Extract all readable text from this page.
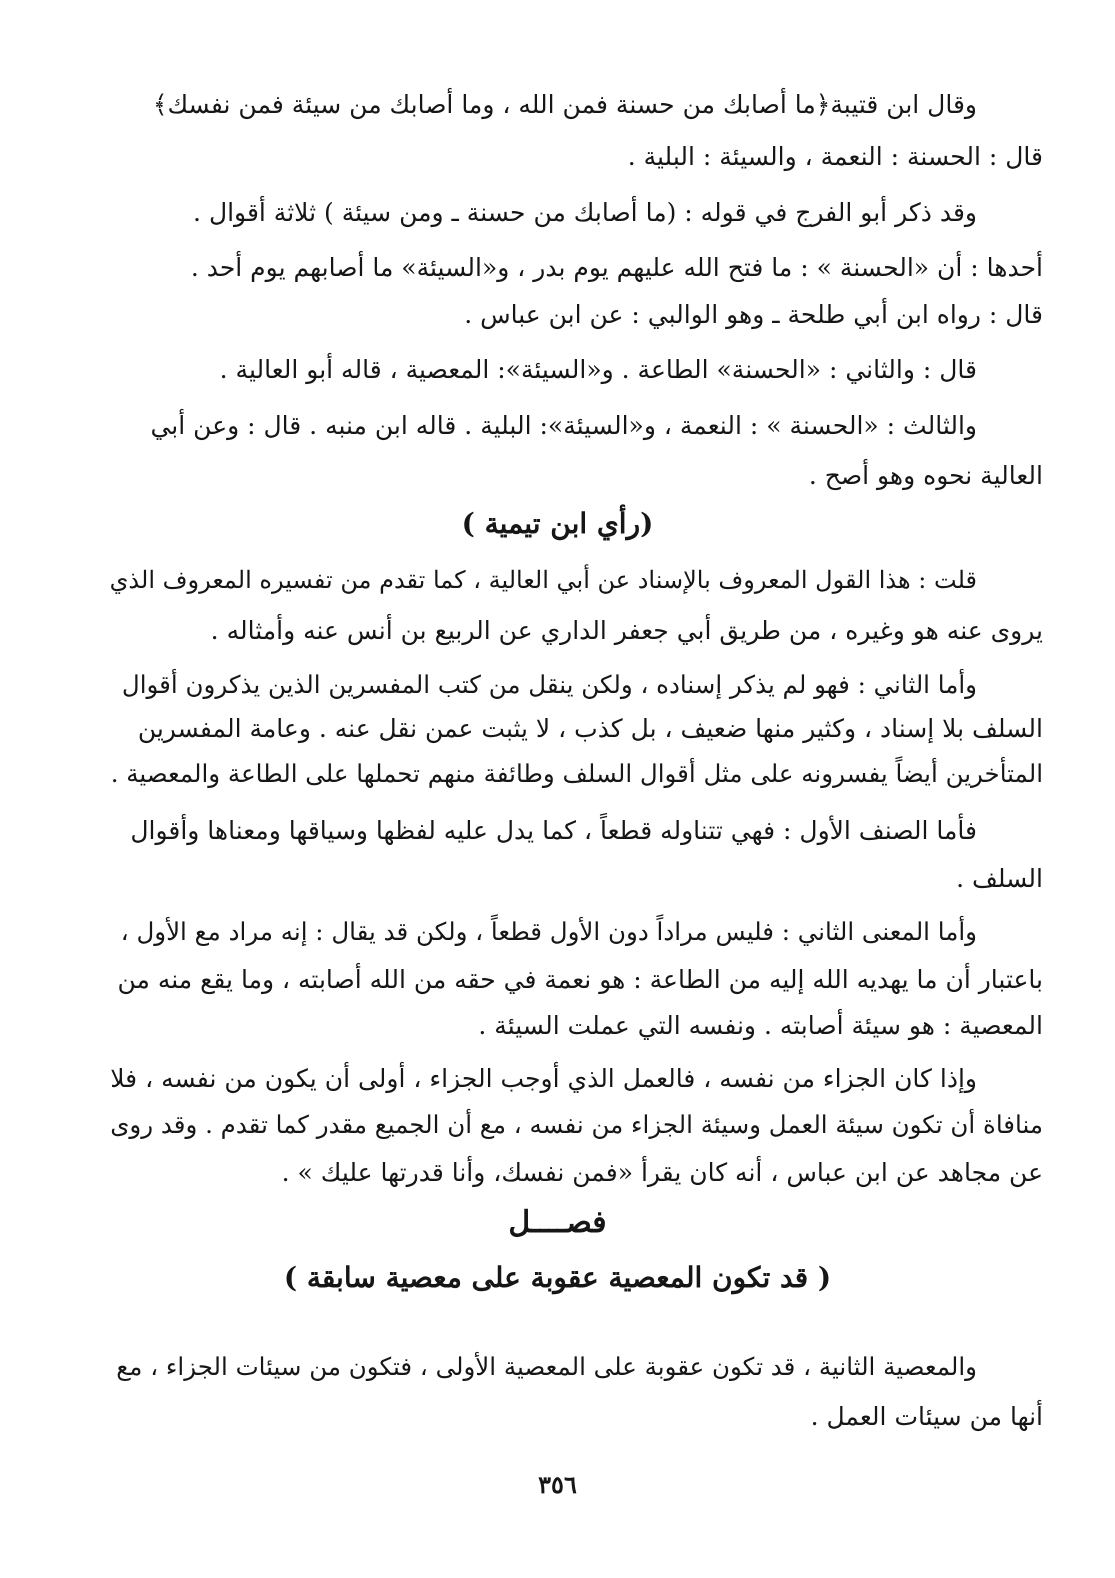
وقال ابن قتيبة﴿ما أصابك من حسنة فمن الله ، وما أصابك من سيئة فمن نفسك﴾
قال : الحسنة : النعمة ، والسيئة : البلية .
وقد ذكر أبو الفرج في قوله : (ما أصابك من حسنة ـ ومن سيئة ) ثلاثة أقوال .
أحدها : أن «الحسنة » : ما فتح الله عليهم يوم بدر ، و«السيئة» ما أصابهم يوم أحد .
قال : رواه ابن أبي طلحة ـ وهو الوالبي : عن ابن عباس .
قال : والثاني : «الحسنة» الطاعة . و«السيئة»: المعصية ، قاله أبو العالية .
والثالث : «الحسنة » : النعمة ، و«السيئة»: البلية . قاله ابن منبه . قال : وعن أبي
العالية نحوه وهو أصح .
(رأي ابن تيمية )
قلت : هذا القول المعروف بالإسناد عن أبي العالية ، كما تقدم من تفسيره المعروف الذي
يروى عنه هو وغيره ، من طريق أبي جعفر الداري عن الربيع بن أنس عنه وأمثاله .
وأما الثاني : فهو لم يذكر إسناده ، ولكن ينقل من كتب المفسرين الذين يذكرون أقوال
السلف بلا إسناد ، وكثير منها ضعيف ، بل كذب ، لا يثبت عمن نقل عنه . وعامة المفسرين
المتأخرين أيضاً يفسرونه على مثل أقوال السلف وطائفة منهم تحملها على الطاعة والمعصية .
فأما الصنف الأول : فهي تتناوله قطعاً ، كما يدل عليه لفظها وسياقها ومعناها وأقوال
السلف .
وأما المعنى الثاني : فليس مراداً دون الأول قطعاً ، ولكن قد يقال : إنه مراد مع الأول ،
باعتبار أن ما يهديه الله إليه من الطاعة : هو نعمة في حقه من الله أصابته ، وما يقع منه من
المعصية : هو سيئة أصابته . ونفسه التي عملت السيئة .
وإذا كان الجزاء من نفسه ، فالعمل الذي أوجب الجزاء ، أولى أن يكون من نفسه ، فلا
منافاة أن تكون سيئة العمل وسيئة الجزاء من نفسه ، مع أن الجميع مقدر كما تقدم . وقد روى
عن مجاهد عن ابن عباس ، أنه كان يقرأ «فمن نفسك، وأنا قدرتها عليك » .
فصــــل
( قد تكون المعصية عقوبة على معصية سابقة )
والمعصية الثانية ، قد تكون عقوبة على المعصية الأولى ، فتكون من سيئات الجزاء ، مع
أنها من سيئات العمل .
٣٥٦
